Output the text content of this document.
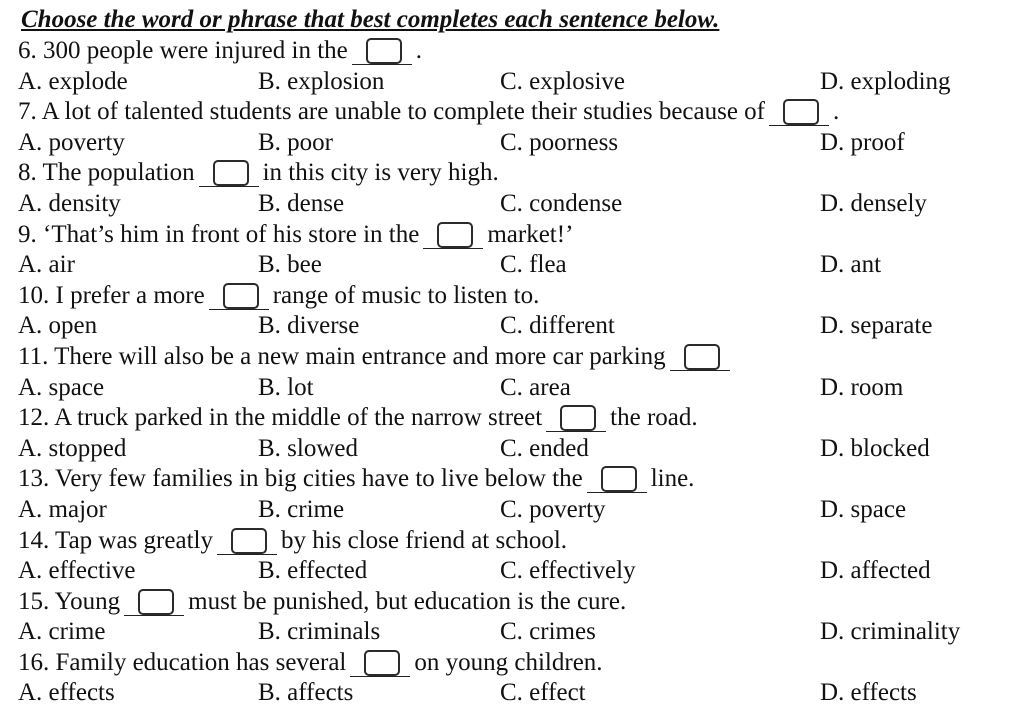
Choose the word or phrase that best completes each sentence below.
6. 300 people were injured in the	.
A. explode	B. explosion	C. explosive	D. exploding
7. A lot of talented students are unable to complete their studies because of	.
A. poverty	B. poor	C. poorness	D. proof
8. The population	in this city is very high.
A. density	B. dense	C. condense	D. densely
9. ‘That’s him in front of his store in the	market!’
A. air	B. bee	C. flea	D. ant
10. I prefer a more	range of music to listen to.
A. open	B. diverse	C. different	D. separate
11. There will also be a new main entrance and more car parking
A. space	B. lot	C. area	D. room
12. A truck parked in the middle of the narrow street	the road.
A. stopped	B. slowed	C. ended	D. blocked
13. Very few families in big cities have to live below the	line.
A. major	B. crime	C. poverty	D. space
14. Tap was greatly	by his close friend at school.
A. effective	B. effected	C. effectively	D. affected
15. Young	must be punished, but education is the cure.
A. crime	B. criminals	C. crimes	D. criminality
16. Family education has several	on young children.
A. effects	B. affects	C. effect	D. effects
